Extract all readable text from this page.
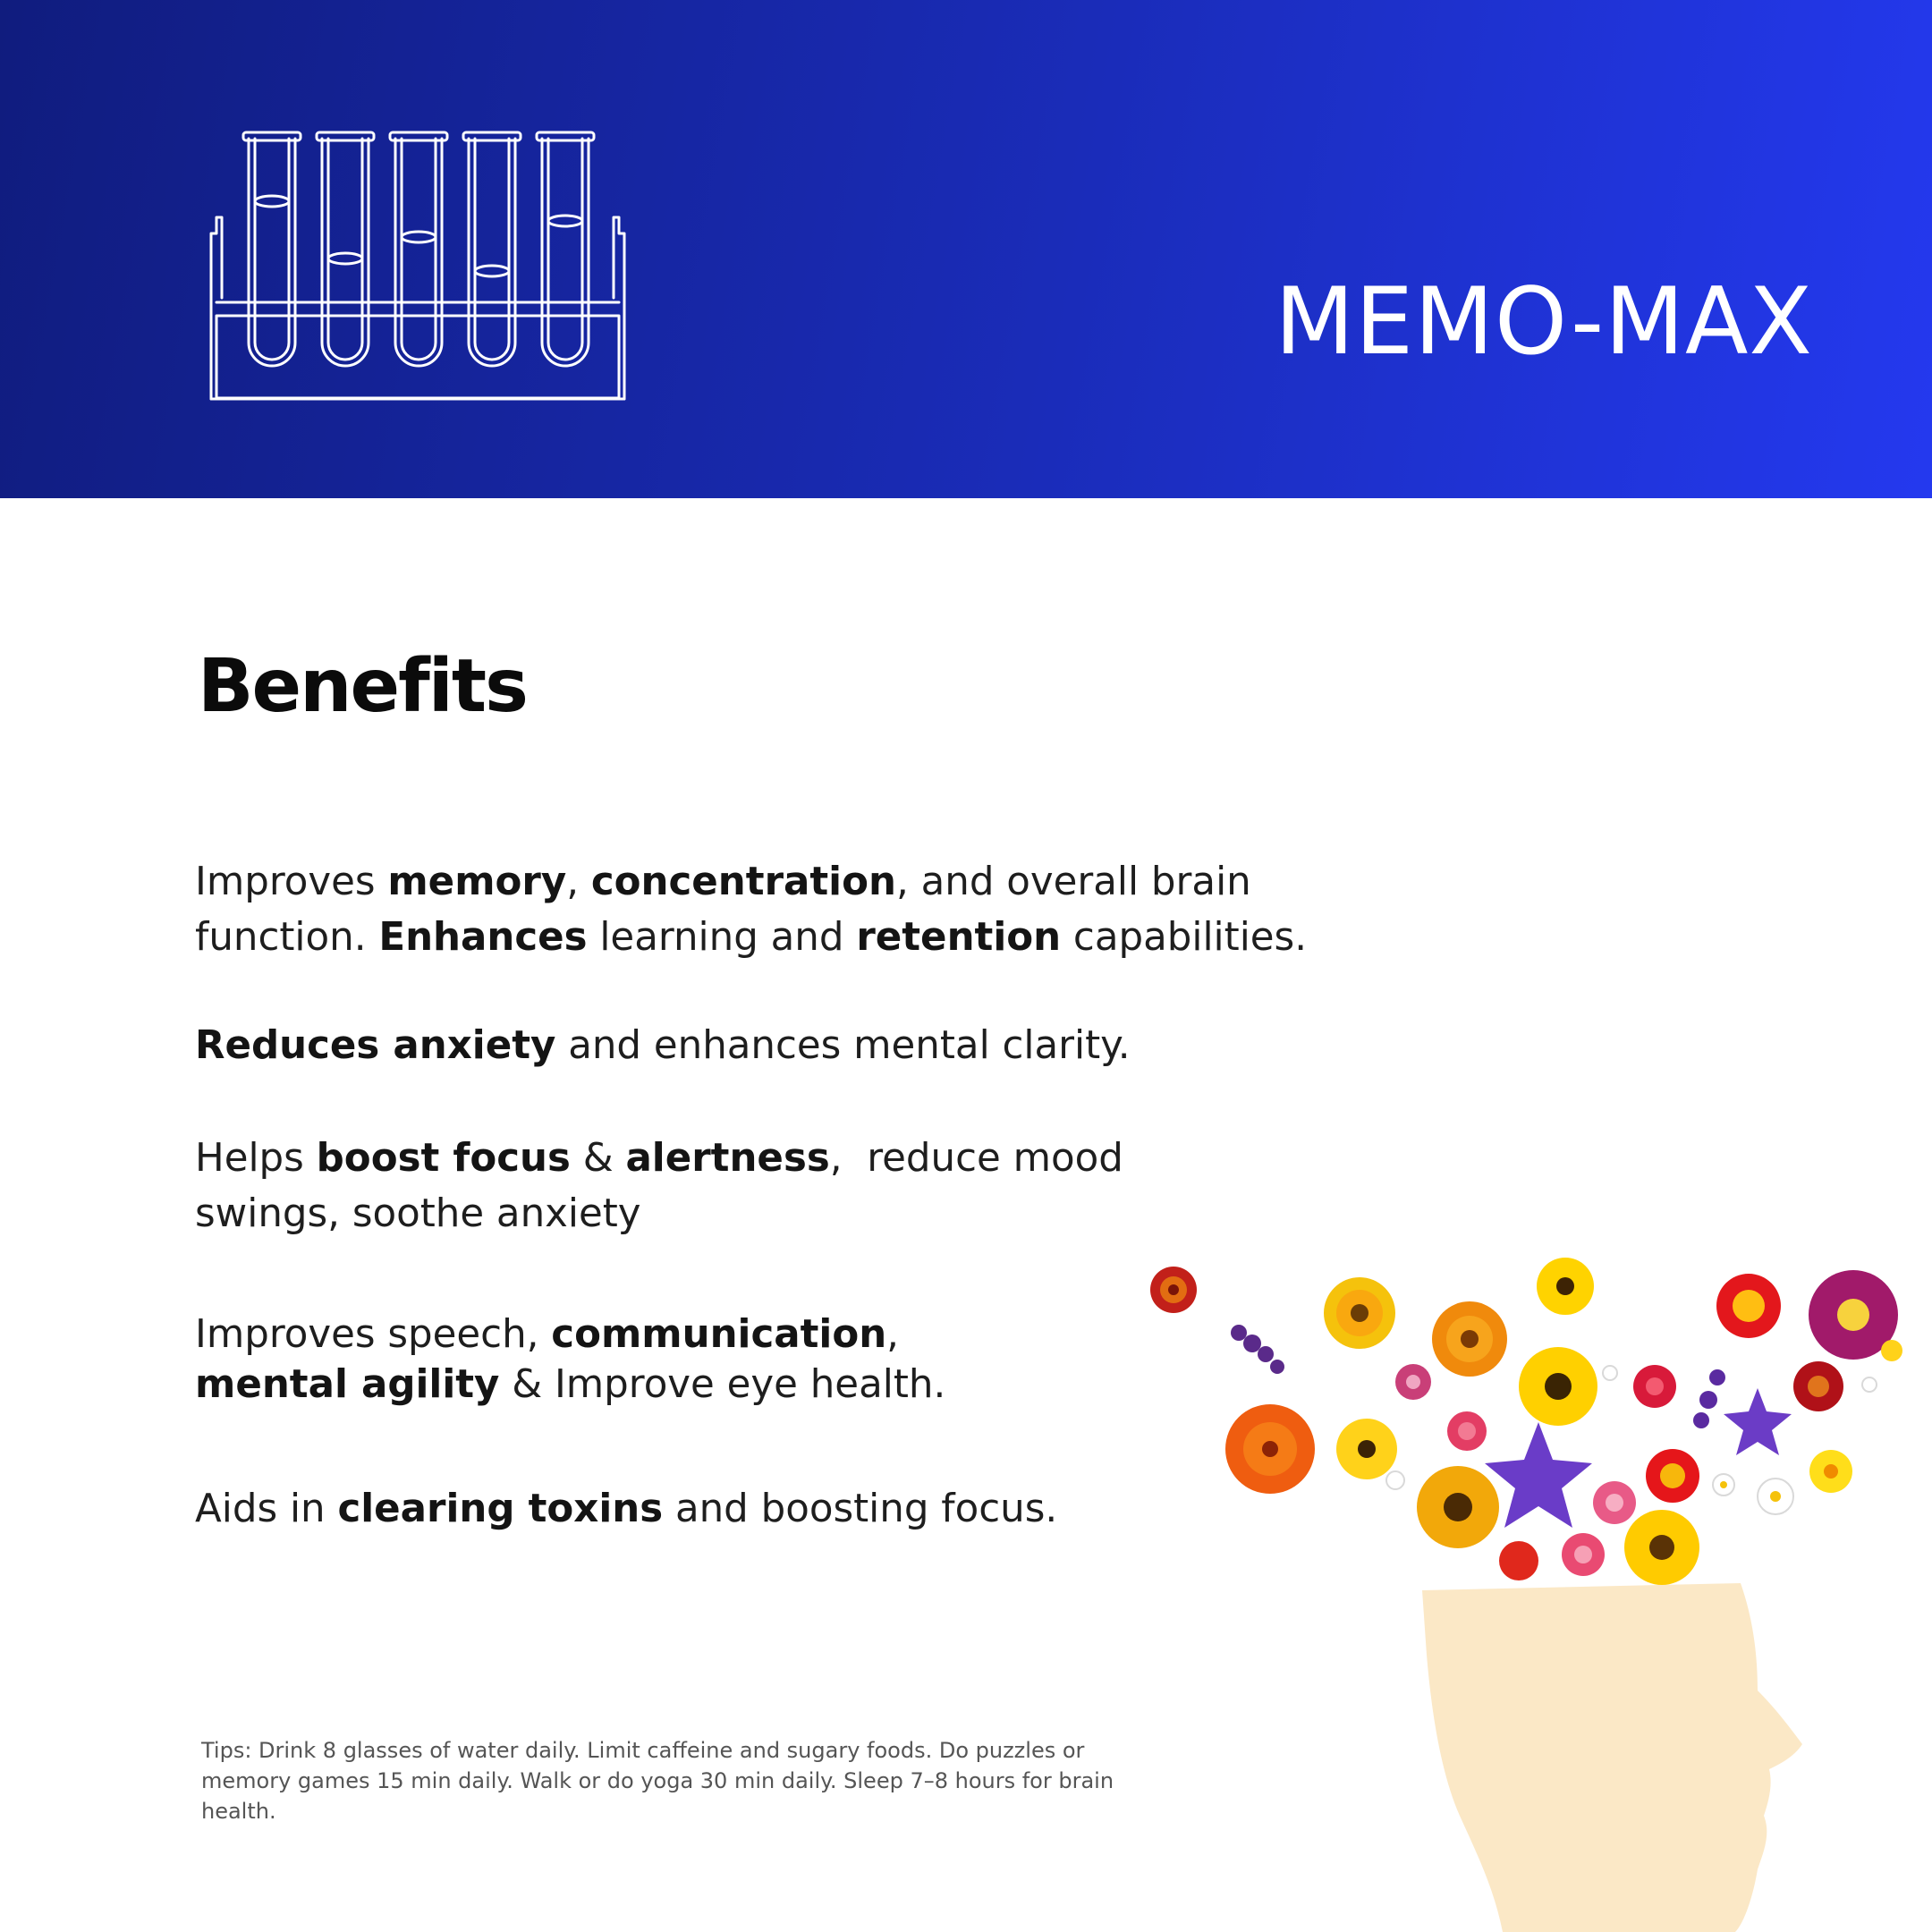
MEMO-MAX
Benefits
Improves memory, concentration, and overall brain
function. Enhances learning and retention capabilities.
Reduces anxiety and enhances mental clarity.
Helps boost focus & alertness,  reduce mood
swings, soothe anxiety
Improves speech, communication,
mental agility & Improve eye health.
Aids in clearing toxins and boosting focus.
Tips: Drink 8 glasses of water daily. Limit caffeine and sugary foods. Do puzzles or memory games 15 min daily. Walk or do yoga 30 min daily. Sleep 7–8 hours for brain health.
